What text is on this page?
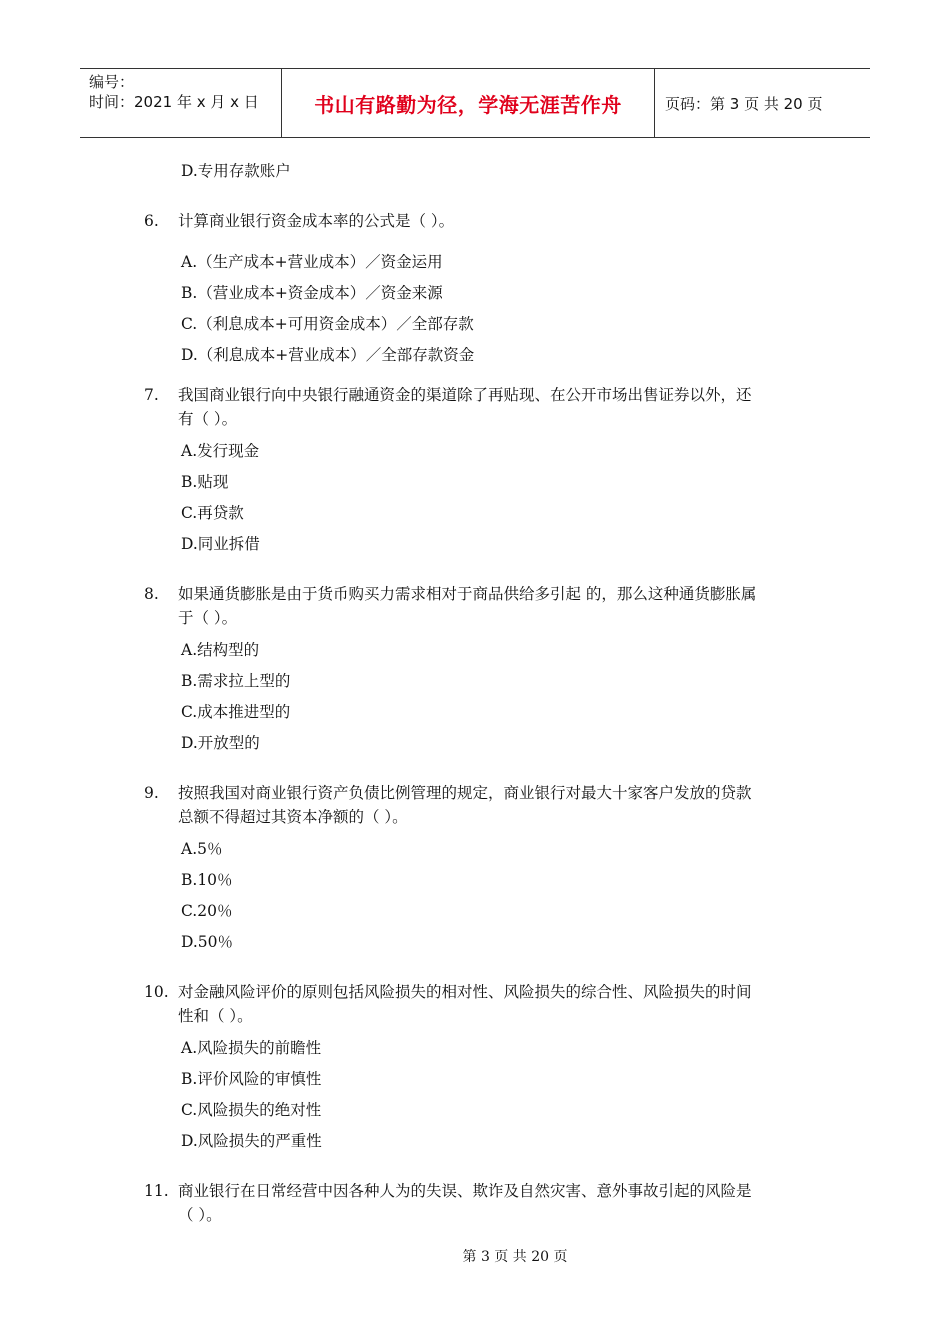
编号：
时间：2021 年 x 月 x 日	书山有路勤为径，学海无涯苦作舟	页码：第 3 页 共 20 页
D.专用存款账户
6. 计算商业银行资金成本率的公式是（ ）。
A.（生产成本+营业成本）／资金运用
B.（营业成本+资金成本）／资金来源
C.（利息成本+可用资金成本）／全部存款
D.（利息成本+营业成本）／全部存款资金
7. 我国商业银行向中央银行融通资金的渠道除了再贴现、在公开市场出售证券以外，还
有（ ）。
A.发行现金
B.贴现
C.再贷款
D.同业拆借
8. 如果通货膨胀是由于货币购买力需求相对于商品供给多引起 的，那么这种通货膨胀属
于（ ）。
A.结构型的
B.需求拉上型的
C.成本推进型的
D.开放型的
9. 按照我国对商业银行资产负债比例管理的规定，商业银行对最大十家客户发放的贷款
总额不得超过其资本净额的（ ）。
A.5％
B.10％
C.20％
D.50％
10. 对金融风险评价的原则包括风险损失的相对性、风险损失的综合性、风险损失的时间
性和（ ）。
A.风险损失的前瞻性
B.评价风险的审慎性
C.风险损失的绝对性
D.风险损失的严重性
11. 商业银行在日常经营中因各种人为的失误、欺诈及自然灾害、意外事故引起的风险是
（ ）。
第 3 页 共 20 页
